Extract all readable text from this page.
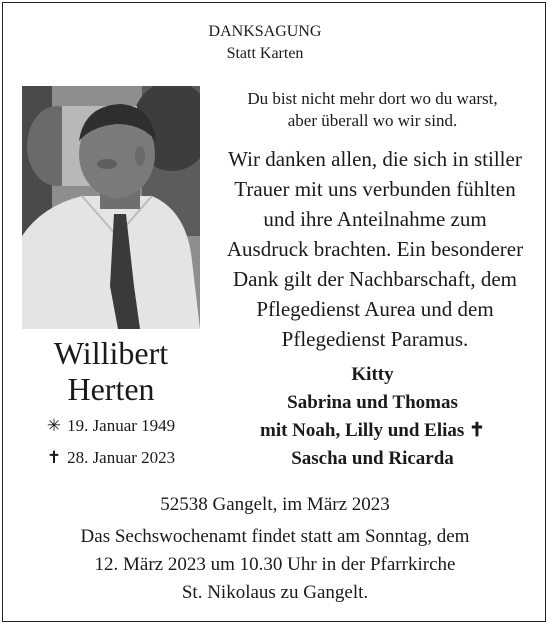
DANKSAGUNG
Statt Karten
Willibert
Herten
✳ 19. Januar 1949
✝ 28. Januar 2023
Du bist nicht mehr dort wo du warst,
aber überall wo wir sind.
Wir danken allen, die sich in stiller
Trauer mit uns verbunden fühlten
und ihre Anteilnahme zum
Ausdruck brachten. Ein besonderer
Dank gilt der Nachbarschaft, dem
Pflegedienst Aurea und dem
Pflegedienst Paramus.
Kitty
Sabrina und Thomas
mit Noah, Lilly und Elias ✝
Sascha und Ricarda
52538 Gangelt, im März 2023
Das Sechswochenamt findet statt am Sonntag, dem
12. März 2023 um 10.30 Uhr in der Pfarrkirche
St. Nikolaus zu Gangelt.
